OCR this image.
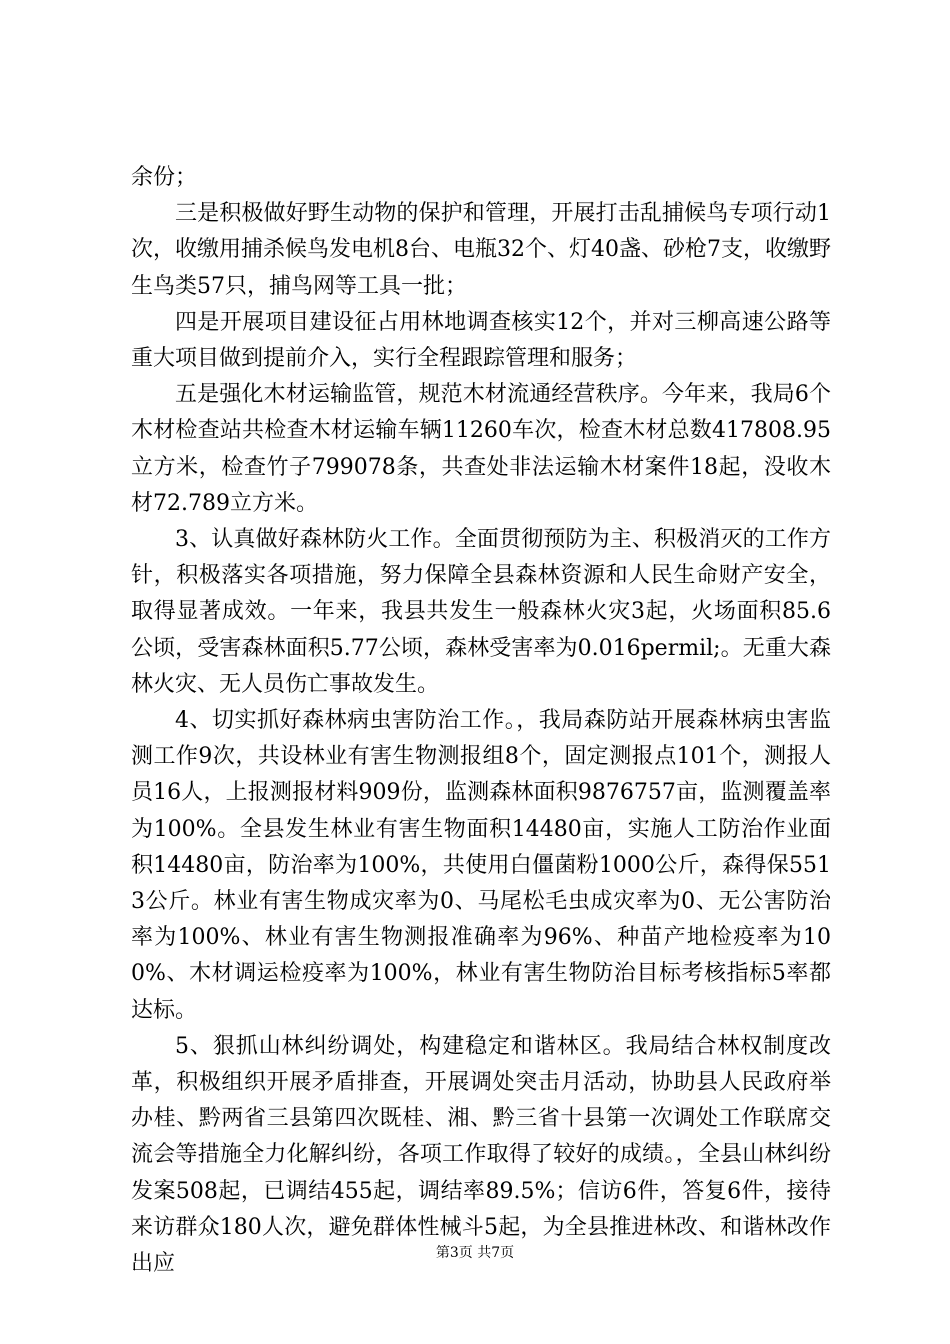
余份；

三是积极做好野生动物的保护和管理，开展打击乱捕候鸟专项行动1次，收缴用捕杀候鸟发电机8台、电瓶32个、灯40盏、砂枪7支，收缴野生鸟类57只，捕鸟网等工具一批；

四是开展项目建设征占用林地调查核实12个，并对三柳高速公路等重大项目做到提前介入，实行全程跟踪管理和服务；

五是强化木材运输监管，规范木材流通经营秩序。今年来，我局6个木材检查站共检查木材运输车辆11260车次，检查木材总数417808.95立方米，检查竹子799078条，共查处非法运输木材案件18起，没收木材72.789立方米。

3、认真做好森林防火工作。全面贯彻预防为主、积极消灭的工作方针，积极落实各项措施，努力保障全县森林资源和人民生命财产安全，取得显著成效。一年来，我县共发生一般森林火灾3起，火场面积85.6公顷，受害森林面积5.77公顷，森林受害率为0.016permil;。无重大森林火灾、无人员伤亡事故发生。

4、切实抓好森林病虫害防治工作。，我局森防站开展森林病虫害监测工作9次，共设林业有害生物测报组8个，固定测报点101个，测报人员16人，上报测报材料909份，监测森林面积9876757亩，监测覆盖率为100%。全县发生林业有害生物面积14480亩，实施人工防治作业面积14480亩，防治率为100%，共使用白僵菌粉1000公斤，森得保5513公斤。林业有害生物成灾率为0、马尾松毛虫成灾率为0、无公害防治率为100%、林业有害生物测报准确率为96%、种苗产地检疫率为100%、木材调运检疫率为100%，林业有害生物防治目标考核指标5率都达标。

5、狠抓山林纠纷调处，构建稳定和谐林区。我局结合林权制度改革，积极组织开展矛盾排查，开展调处突击月活动，协助县人民政府举办桂、黔两省三县第四次既桂、湘、黔三省十县第一次调处工作联席交流会等措施全力化解纠纷，各项工作取得了较好的成绩。，全县山林纠纷发案508起，已调结455起，调结率89.5%；信访6件，答复6件，接待来访群众180人次，避免群体性械斗5起，为全县推进林改、和谐林改作出应	第3页 共7页
